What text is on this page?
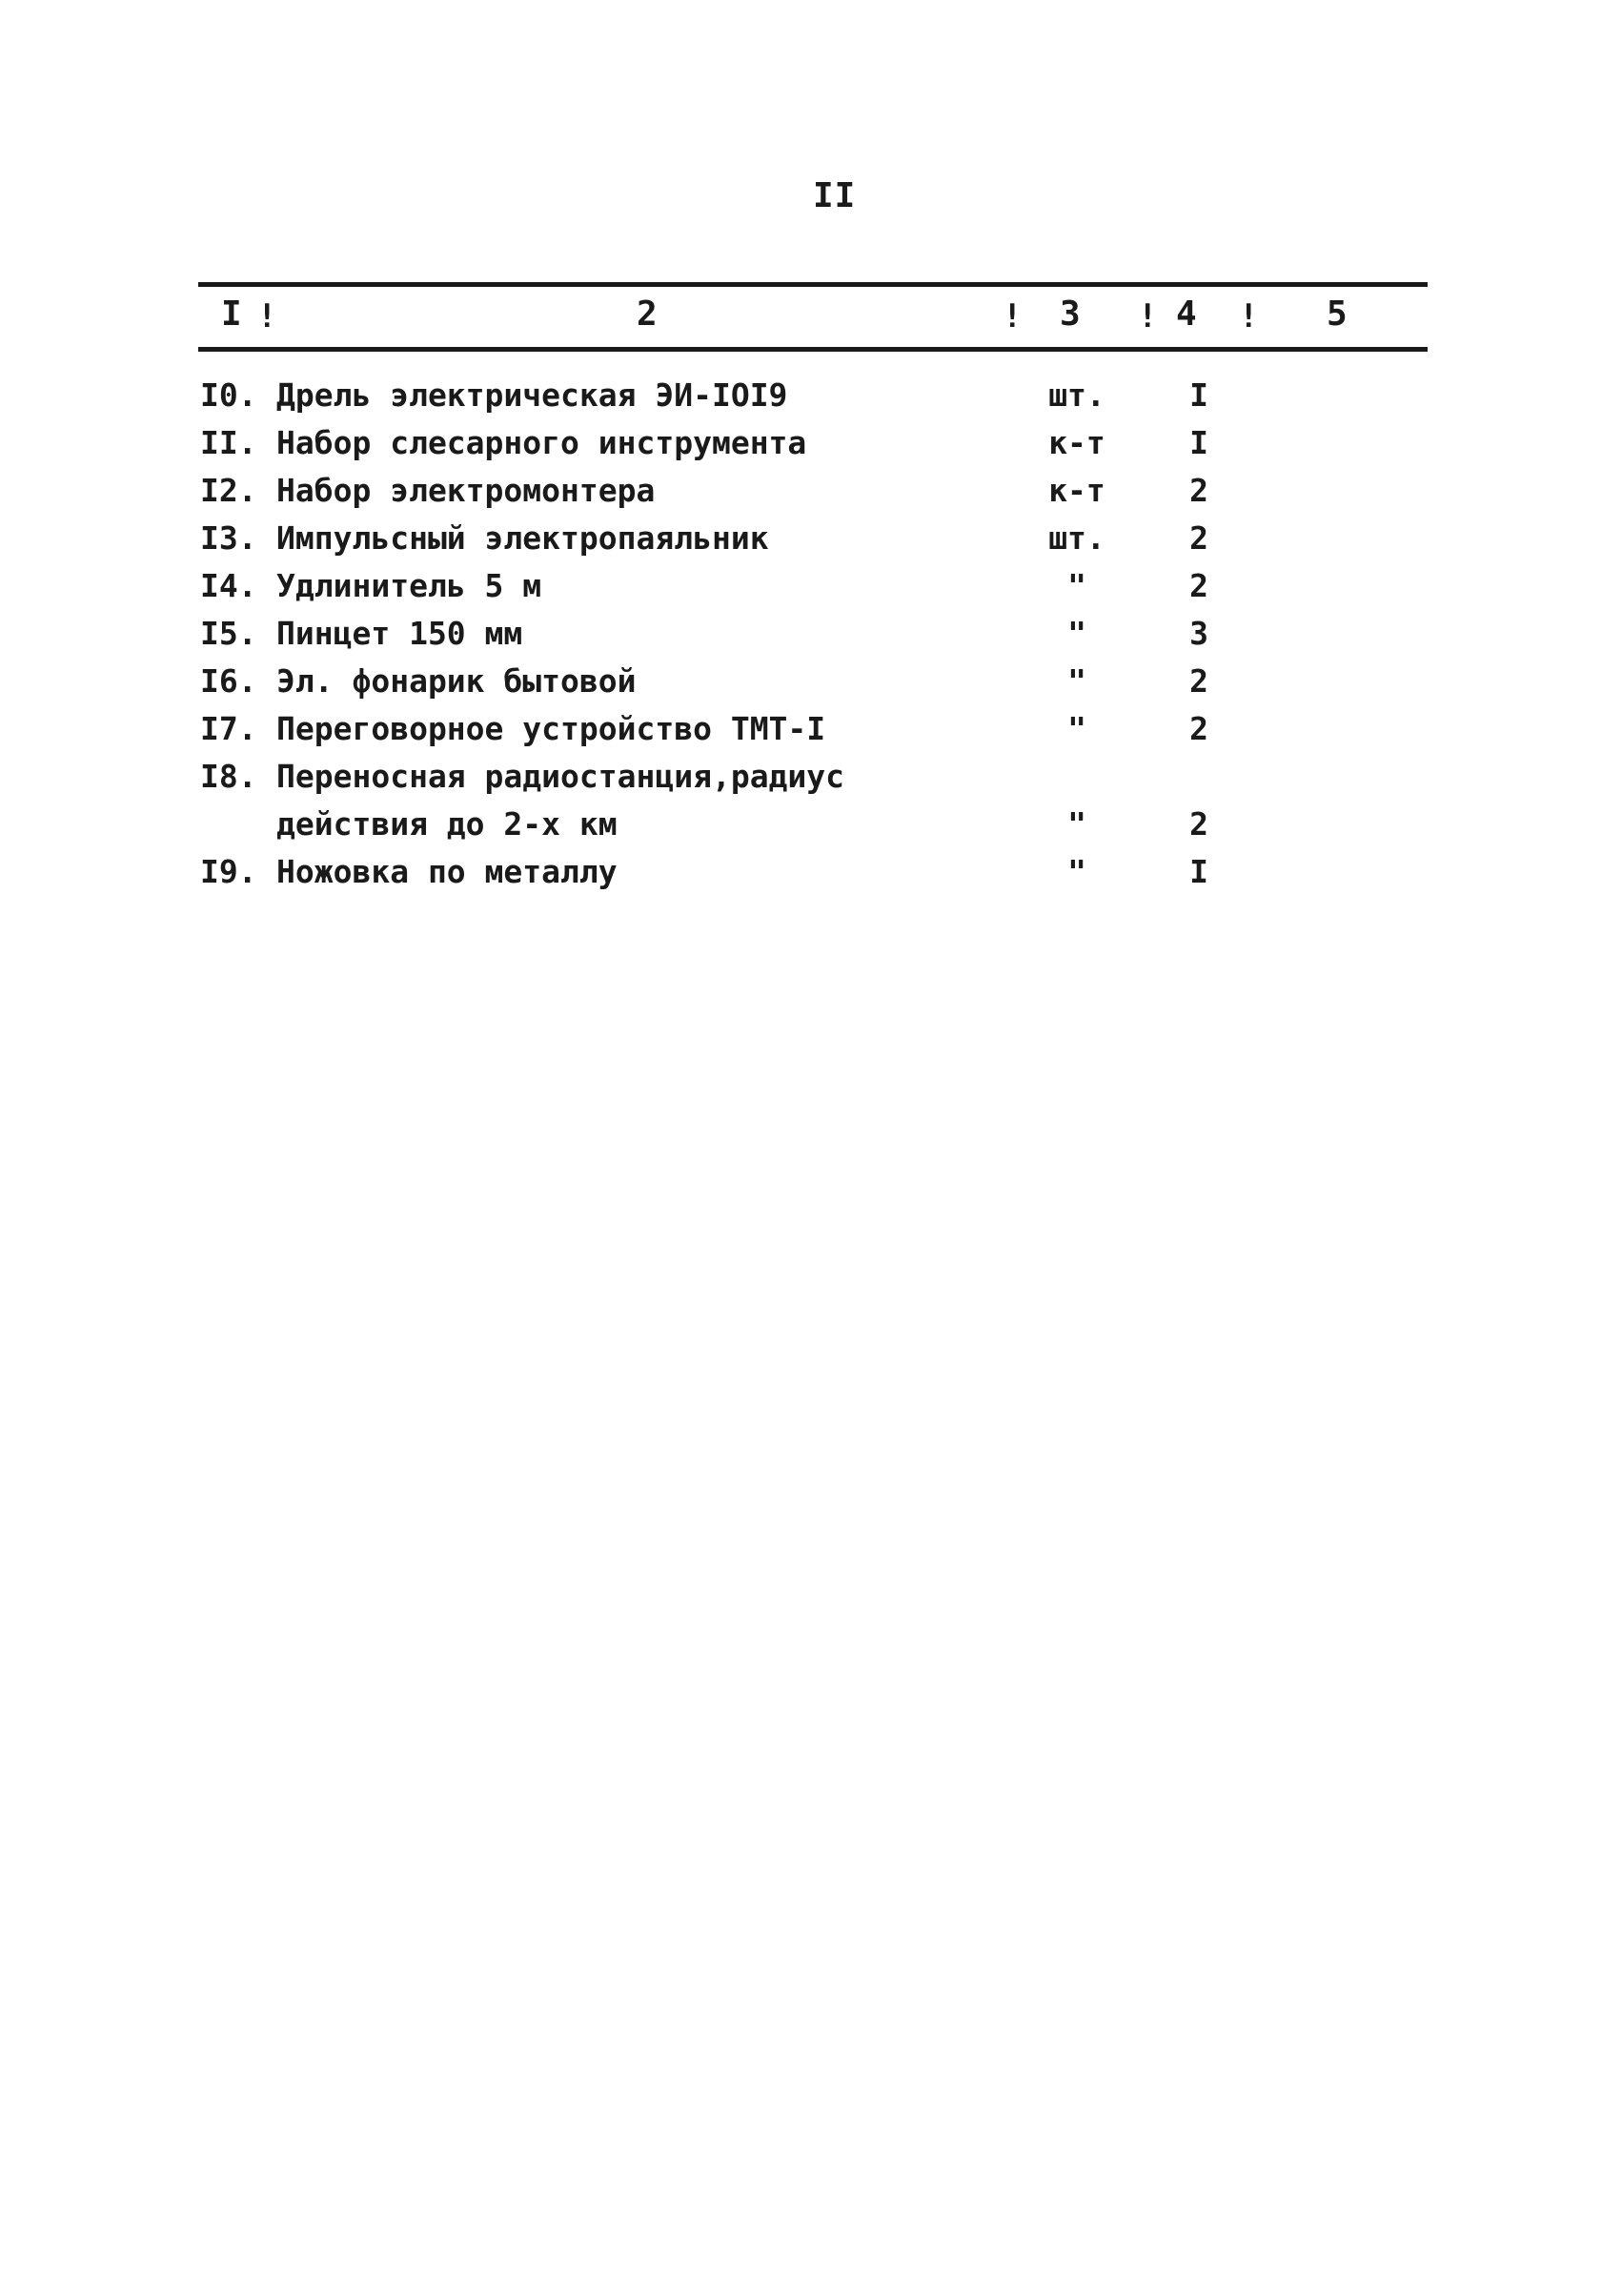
II
I !	2	! 3 ! 4 ! 5
I0. Дрель электрическая ЭИ-IOI9	шт.	I
II. Набор слесарного инструмента	к-т	I
I2. Набор электромонтера	к-т	2
I3. Импульсный электропаяльник	шт.	2
I4. Удлинитель 5 м	"	2
I5. Пинцет 150 мм	"	3
I6. Эл. фонарик бытовой	"	2
I7. Переговорное устройство ТМТ-I	"	2
I8. Переносная радиостанция,радиус
действия до 2-х км	"	2
I9. Ножовка по металлу	"	I
